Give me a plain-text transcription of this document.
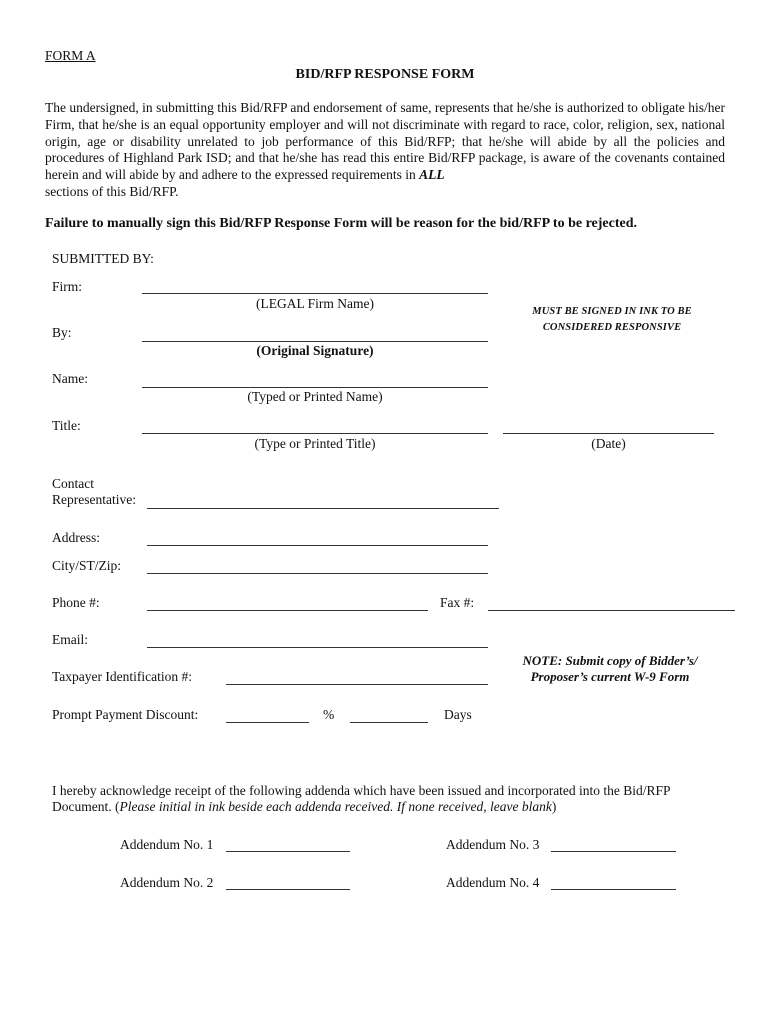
FORM A
BID/RFP RESPONSE FORM
The undersigned, in submitting this Bid/RFP and endorsement of same, represents that he/she is authorized to obligate his/her Firm, that he/she is an equal opportunity employer and will not discriminate with regard to race, color, religion, sex, national origin, age or disability unrelated to job performance of this Bid/RFP; that he/she will abide by all the policies and procedures of Highland Park ISD; and that he/she has read this entire Bid/RFP package, is aware of the covenants contained herein and will abide by and adhere to the expressed requirements in ALL
sections of this Bid/RFP.
Failure to manually sign this Bid/RFP Response Form will be reason for the bid/RFP to be rejected.
SUBMITTED BY:
Firm:
(LEGAL Firm Name)
MUST BE SIGNED IN INK TO BE
CONSIDERED RESPONSIVE
By:
(Original Signature)
Name:
(Typed or Printed Name)
Title:
(Type or Printed Title)	(Date)
Contact
Representative:
Address:
City/ST/Zip:
Phone #:	Fax #:
Email:
NOTE: Submit copy of Bidder’s/
Proposer’s current W-9 Form
Taxpayer Identification #:
Prompt Payment Discount:	%	Days
I hereby acknowledge receipt of the following addenda which have been issued and incorporated into the Bid/RFP
Document. (Please initial in ink beside each addenda received. If none received, leave blank)
Addendum No. 1	Addendum No. 3
Addendum No. 2	Addendum No. 4
